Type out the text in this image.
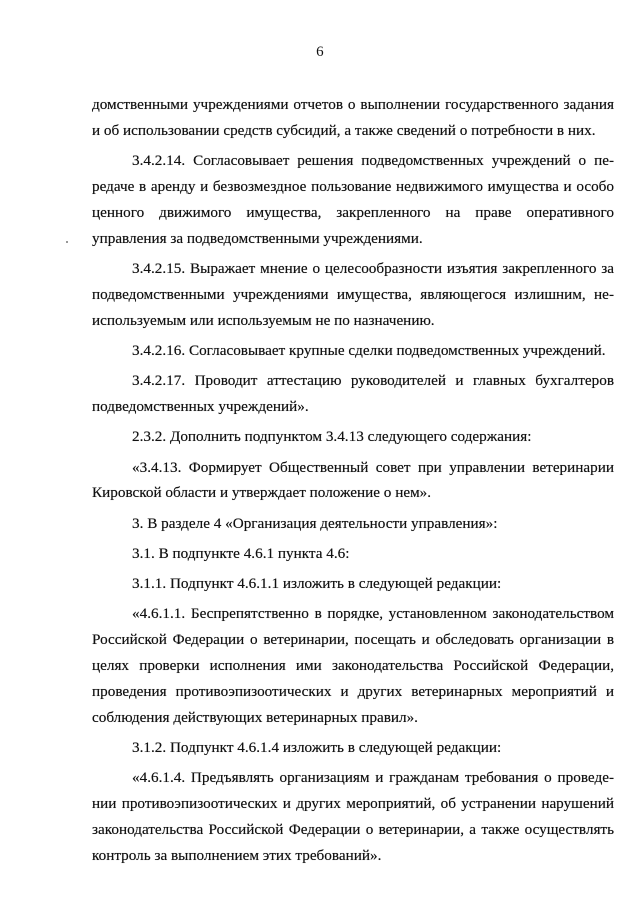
6

домственными учреждениями отчетов о выполнении государственного задания и об использовании средств субсидий, а также сведений о потребности в них.

3.4.2.14. Согласовывает решения подведомственных учреждений о передаче в аренду и безвозмездное пользование недвижимого имущества и особо ценного движимого имущества, закрепленного на праве оперативного управления за подведомственными учреждениями.

3.4.2.15. Выражает мнение о целесообразности изъятия закрепленного за подведомственными учреждениями имущества, являющегося излишним, неиспользуемым или используемым не по назначению.

3.4.2.16. Согласовывает крупные сделки подведомственных учреждений.

3.4.2.17. Проводит аттестацию руководителей и главных бухгалтеров подведомственных учреждений».

2.3.2. Дополнить подпунктом 3.4.13 следующего содержания:

«3.4.13. Формирует Общественный совет при управлении ветеринарии Кировской области и утверждает положение о нем».

3. В разделе 4 «Организация деятельности управления»:

3.1. В подпункте 4.6.1 пункта 4.6:

3.1.1. Подпункт 4.6.1.1 изложить в следующей редакции:

«4.6.1.1. Беспрепятственно в порядке, установленном законодательством Российской Федерации о ветеринарии, посещать и обследовать организации в целях проверки исполнения ими законодательства Российской Федерации, проведения противоэпизоотических и других ветеринарных мероприятий и соблюдения действующих ветеринарных правил».

3.1.2. Подпункт 4.6.1.4 изложить в следующей редакции:

«4.6.1.4. Предъявлять организациям и гражданам требования о проведении противоэпизоотических и других мероприятий, об устранении нарушений законодательства Российской Федерации о ветеринарии, а также осуществлять контроль за выполнением этих требований».
